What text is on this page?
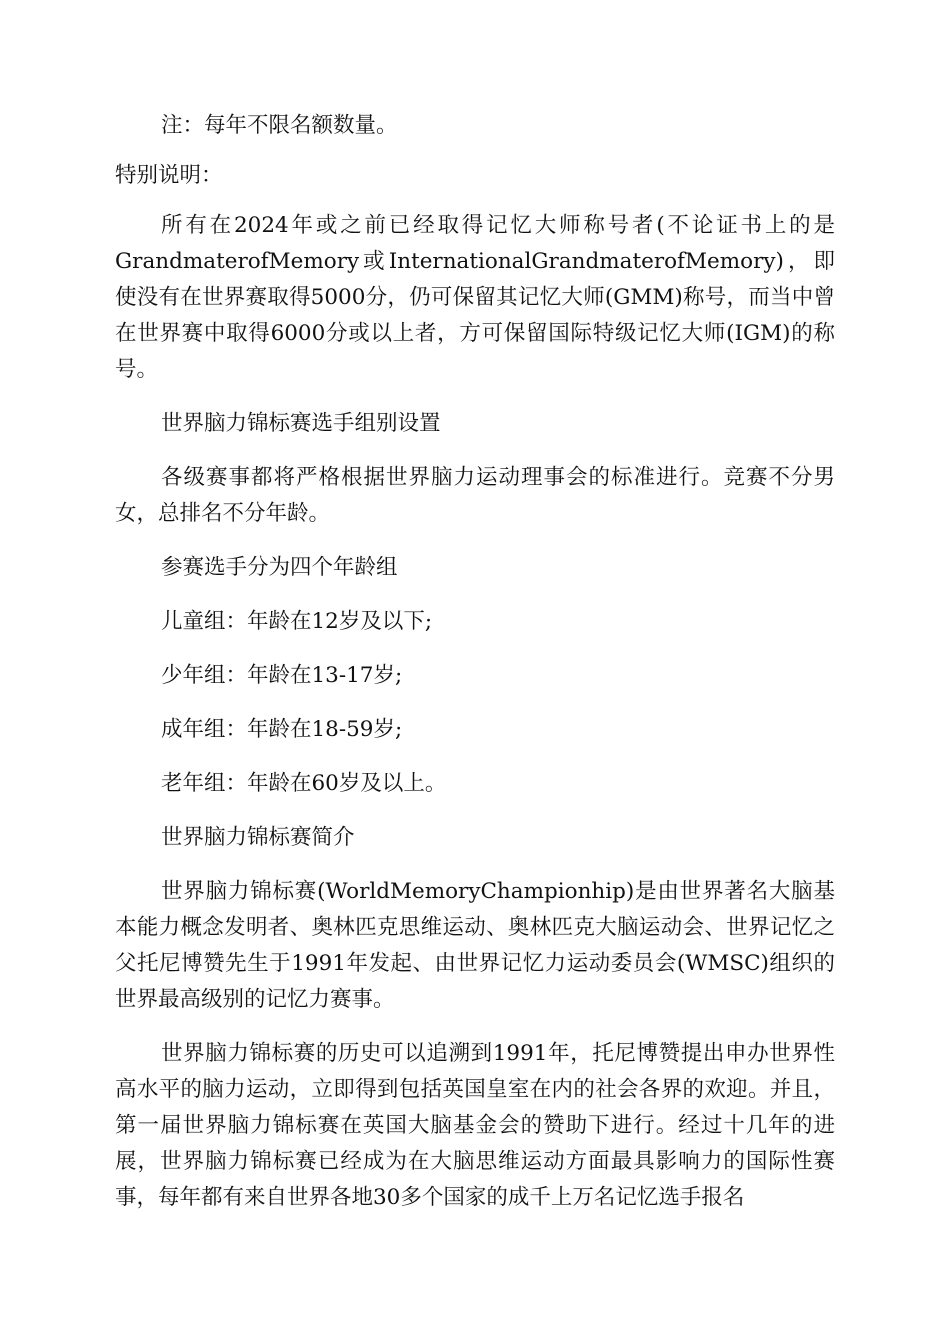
注：每年不限名额数量。

特别说明：

所有在2024年或之前已经取得记忆大师称号者(不论证书上的是GrandmaterofMemory或InternationalGrandmaterofMemory)，即使没有在世界赛取得5000分，仍可保留其记忆大师(GMM)称号，而当中曾在世界赛中取得6000分或以上者，方可保留国际特级记忆大师(IGM)的称号。

世界脑力锦标赛选手组别设置

各级赛事都将严格根据世界脑力运动理事会的标准进行。竞赛不分男女，总排名不分年龄。

参赛选手分为四个年龄组

儿童组：年龄在12岁及以下;

少年组：年龄在13-17岁;

成年组：年龄在18-59岁;

老年组：年龄在60岁及以上。

世界脑力锦标赛简介

世界脑力锦标赛(WorldMemoryChampionhip)是由世界著名大脑基本能力概念发明者、奥林匹克思维运动、奥林匹克大脑运动会、世界记忆之父托尼博赞先生于1991年发起、由世界记忆力运动委员会(WMSC)组织的世界最高级别的记忆力赛事。

世界脑力锦标赛的历史可以追溯到1991年，托尼博赞提出申办世界性高水平的脑力运动，立即得到包括英国皇室在内的社会各界的欢迎。并且，第一届世界脑力锦标赛在英国大脑基金会的赞助下进行。经过十几年的进展，世界脑力锦标赛已经成为在大脑思维运动方面最具影响力的国际性赛事，每年都有来自世界各地30多个国家的成千上万名记忆选手报名
